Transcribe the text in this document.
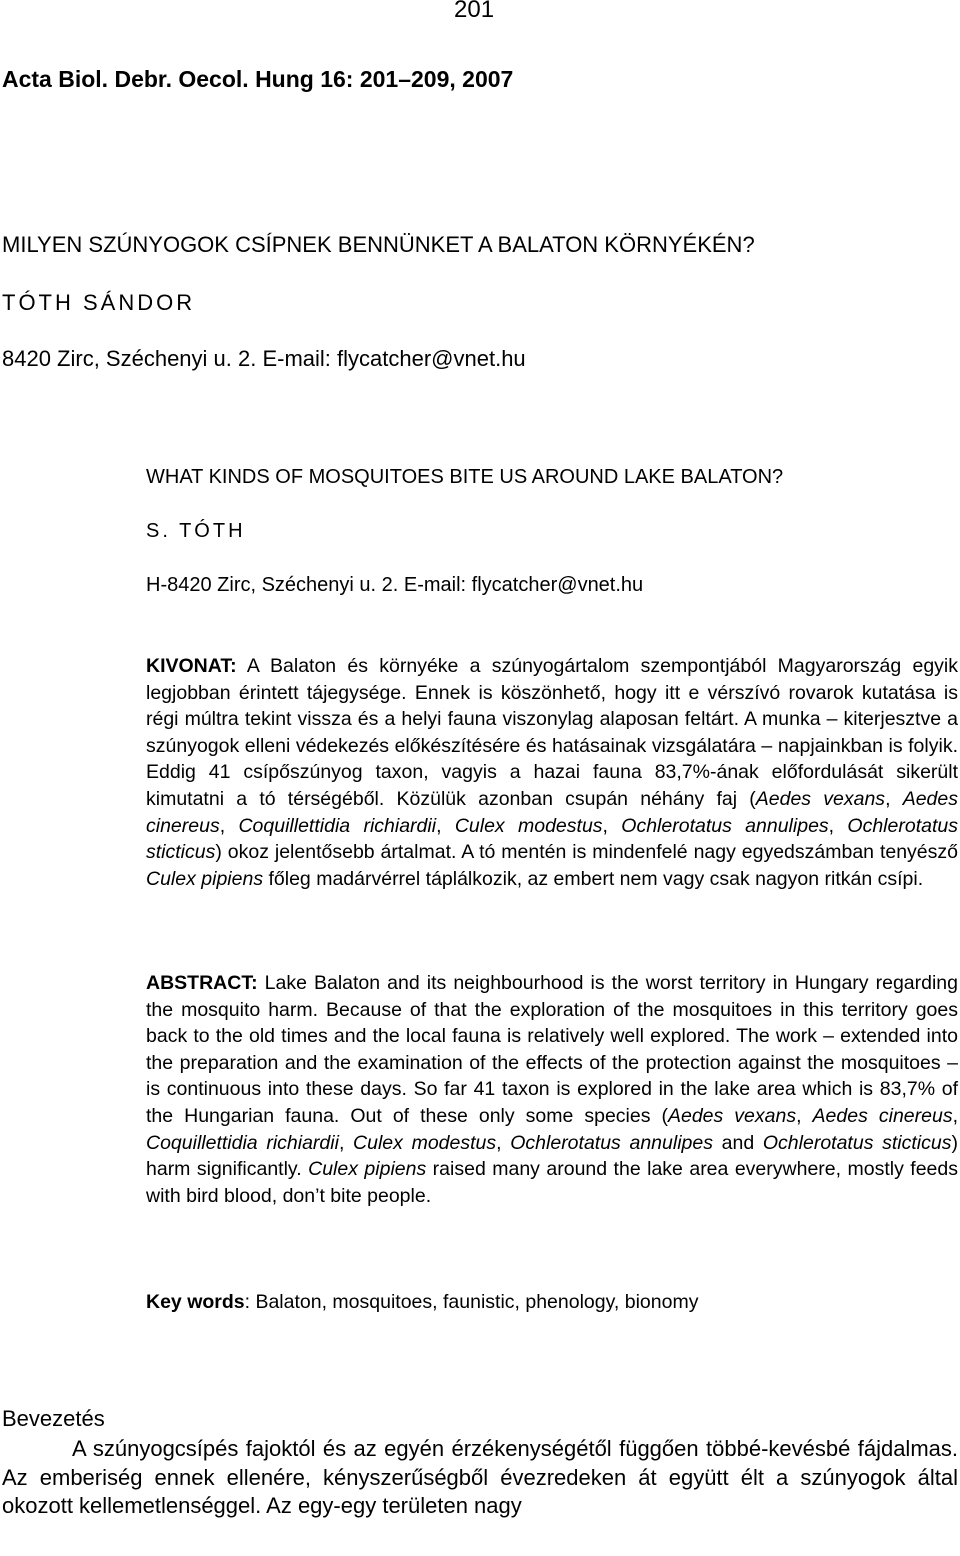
201
Acta Biol. Debr. Oecol. Hung 16: 201–209, 2007
MILYEN SZÚNYOGOK CSÍPNEK BENNÜNKET A BALATON KÖRNYÉKÉN?
TÓTH SÁNDOR
8420 Zirc, Széchenyi u. 2. E-mail: flycatcher@vnet.hu
WHAT KINDS OF MOSQUITOES BITE US AROUND LAKE BALATON?
S. TÓTH
H-8420 Zirc, Széchenyi u. 2. E-mail: flycatcher@vnet.hu
KIVONAT: A Balaton és környéke a szúnyogártalom szempontjából Magyarország egyik legjobban érintett tájegysége. Ennek is köszönhető, hogy itt e vérszívó rovarok kutatása is régi múltra tekint vissza és a helyi fauna viszonylag alaposan feltárt. A munka – kiterjesztve a szúnyogok elleni védekezés előkészítésére és hatásainak vizsgálatára – napjainkban is folyik. Eddig 41 csípőszúnyog taxon, vagyis a hazai fauna 83,7%-ának előfordulását sikerült kimutatni a tó térségéből. Közülük azonban csupán néhány faj (Aedes vexans, Aedes cinereus, Coquillettidia richiardii, Culex modestus, Ochlerotatus annulipes, Ochlerotatus sticticus) okoz jelentősebb ártalmat. A tó mentén is mindenfelé nagy egyedszámban tenyésző Culex pipiens főleg madárvérrel táplálkozik, az embert nem vagy csak nagyon ritkán csípi.
ABSTRACT: Lake Balaton and its neighbourhood is the worst territory in Hungary regarding the mosquito harm. Because of that the exploration of the mosquitoes in this territory goes back to the old times and the local fauna is relatively well explored. The work – extended into the preparation and the examination of the effects of the protection against the mosquitoes – is continuous into these days. So far 41 taxon is explored in the lake area which is 83,7% of the Hungarian fauna. Out of these only some species (Aedes vexans, Aedes cinereus, Coquillettidia richiardii, Culex modestus, Ochlerotatus annulipes and Ochlerotatus sticticus) harm significantly. Culex pipiens raised many around the lake area everywhere, mostly feeds with bird blood, don’t bite people.
Key words: Balaton, mosquitoes, faunistic, phenology, bionomy
Bevezetés
A szúnyogcsípés fajoktól és az egyén érzékenységétől függően többé-kevésbé fájdalmas. Az emberiség ennek ellenére, kényszerűségből évezredeken át együtt élt a szúnyogok által okozott kellemetlenséggel. Az egy-egy területen nagy
